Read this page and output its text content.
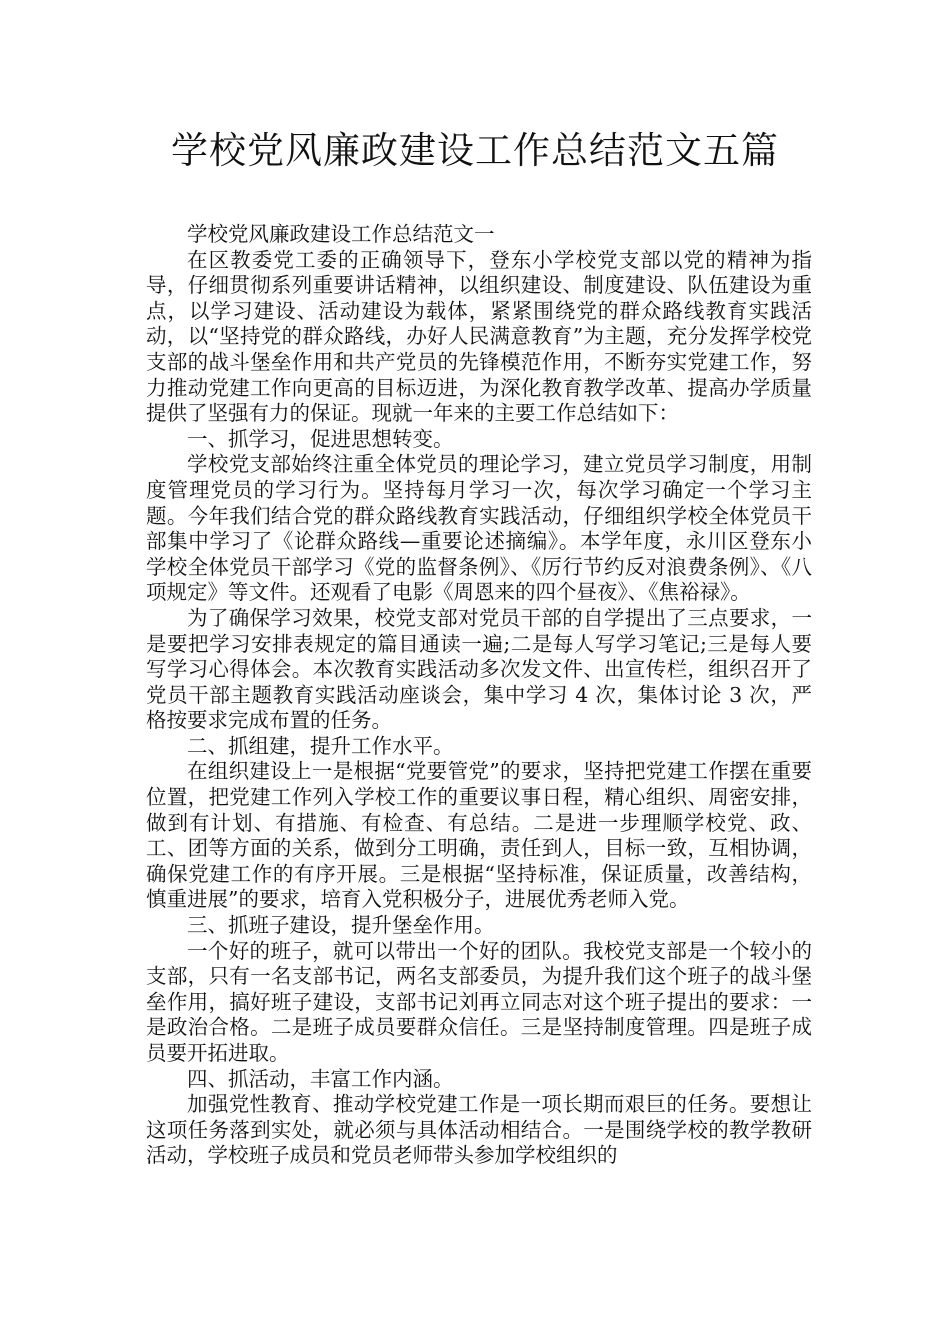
学校党风廉政建设工作总结范文五篇

学校党风廉政建设工作总结范文一

在区教委党工委的正确领导下，登东小学校党支部以党的精神为指导，仔细贯彻系列重要讲话精神，以组织建设、制度建设、队伍建设为重点，以学习建设、活动建设为载体，紧紧围绕党的群众路线教育实践活动，以“坚持党的群众路线，办好人民满意教育”为主题，充分发挥学校党支部的战斗堡垒作用和共产党员的先锋模范作用，不断夯实党建工作，努力推动党建工作向更高的目标迈进，为深化教育教学改革、提高办学质量提供了坚强有力的保证。现就一年来的主要工作总结如下：

一、抓学习，促进思想转变。

学校党支部始终注重全体党员的理论学习，建立党员学习制度，用制度管理党员的学习行为。坚持每月学习一次，每次学习确定一个学习主题。今年我们结合党的群众路线教育实践活动，仔细组织学校全体党员干部集中学习了《论群众路线—重要论述摘编》。本学年度，永川区登东小学校全体党员干部学习《党的监督条例》、《厉行节约反对浪费条例》、《八项规定》等文件。还观看了电影《周恩来的四个昼夜》、《焦裕禄》。

为了确保学习效果，校党支部对党员干部的自学提出了三点要求，一是要把学习安排表规定的篇目通读一遍;二是每人写学习笔记;三是每人要写学习心得体会。本次教育实践活动多次发文件、出宣传栏，组织召开了党员干部主题教育实践活动座谈会，集中学习 4 次，集体讨论 3 次，严格按要求完成布置的任务。

二、抓组建，提升工作水平。

在组织建设上一是根据“党要管党”的要求，坚持把党建工作摆在重要位置，把党建工作列入学校工作的重要议事日程，精心组织、周密安排，做到有计划、有措施、有检查、有总结。二是进一步理顺学校党、政、工、团等方面的关系，做到分工明确，责任到人，目标一致，互相协调，确保党建工作的有序开展。三是根据“坚持标准，保证质量，改善结构，慎重进展”的要求，培育入党积极分子，进展优秀老师入党。

三、抓班子建设，提升堡垒作用。

一个好的班子，就可以带出一个好的团队。我校党支部是一个较小的支部，只有一名支部书记，两名支部委员，为提升我们这个班子的战斗堡垒作用，搞好班子建设，支部书记刘再立同志对这个班子提出的要求：一是政治合格。二是班子成员要群众信任。三是坚持制度管理。四是班子成员要开拓进取。

四、抓活动，丰富工作内涵。

加强党性教育、推动学校党建工作是一项长期而艰巨的任务。要想让这项任务落到实处，就必须与具体活动相结合。一是围绕学校的教学教研活动，学校班子成员和党员老师带头参加学校组织的
